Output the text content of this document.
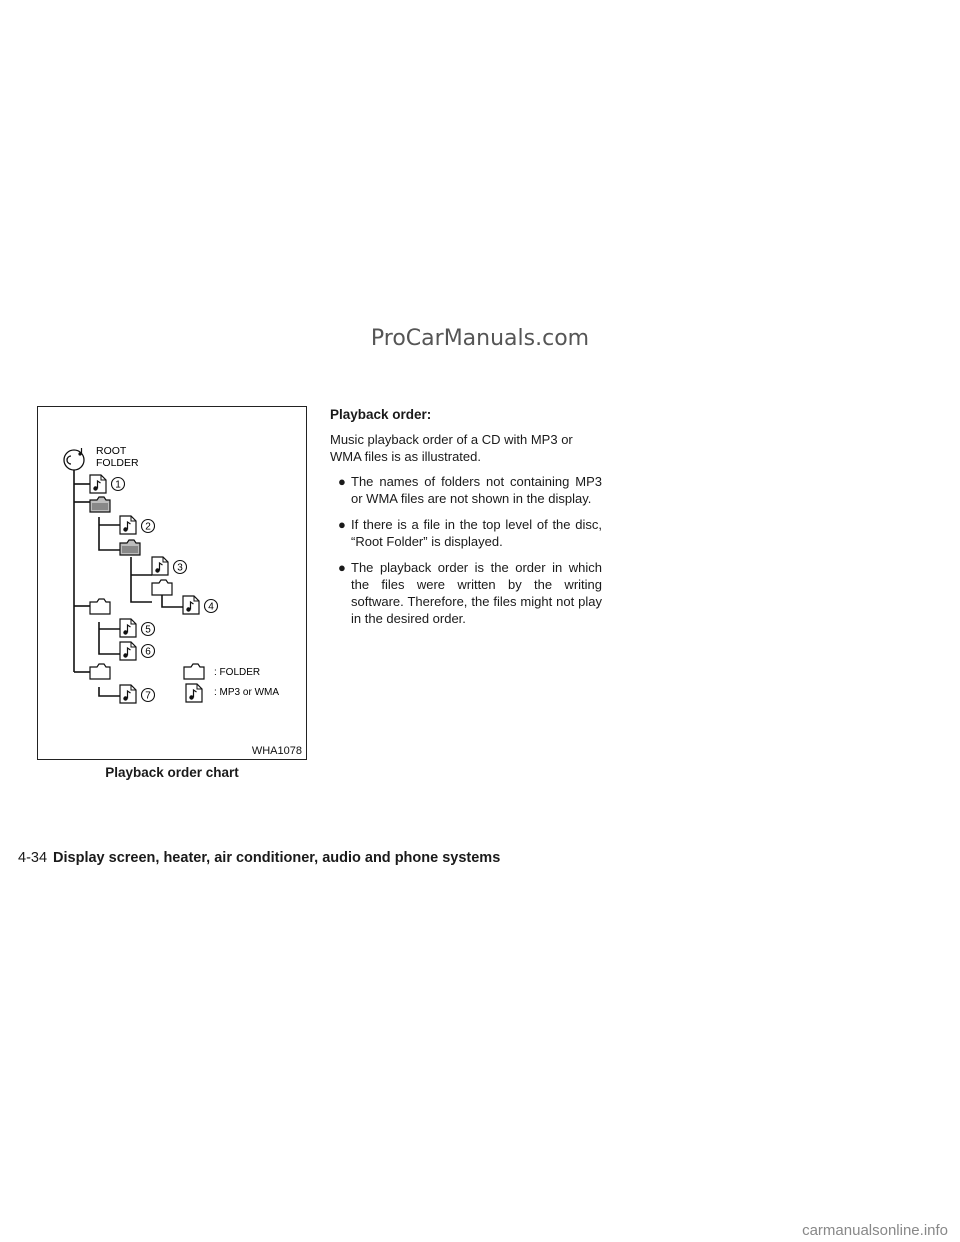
ProCarManuals.com
ROOT
FOLDER
1
2
3
4
5
6
7
: FOLDER
: MP3 or WMA
WHA1078
Playback order chart
Playback order:

Music playback order of a CD with MP3 or WMA files is as illustrated.

● The names of folders not containing MP3 or WMA files are not shown in the display.
● If there is a file in the top level of the disc, “Root Folder” is displayed.
● The playback order is the order in which the files were written by the writing software. Therefore, the files might not play in the desired order.
4-34 Display screen, heater, air conditioner, audio and phone systems
carmanualsonline.info
